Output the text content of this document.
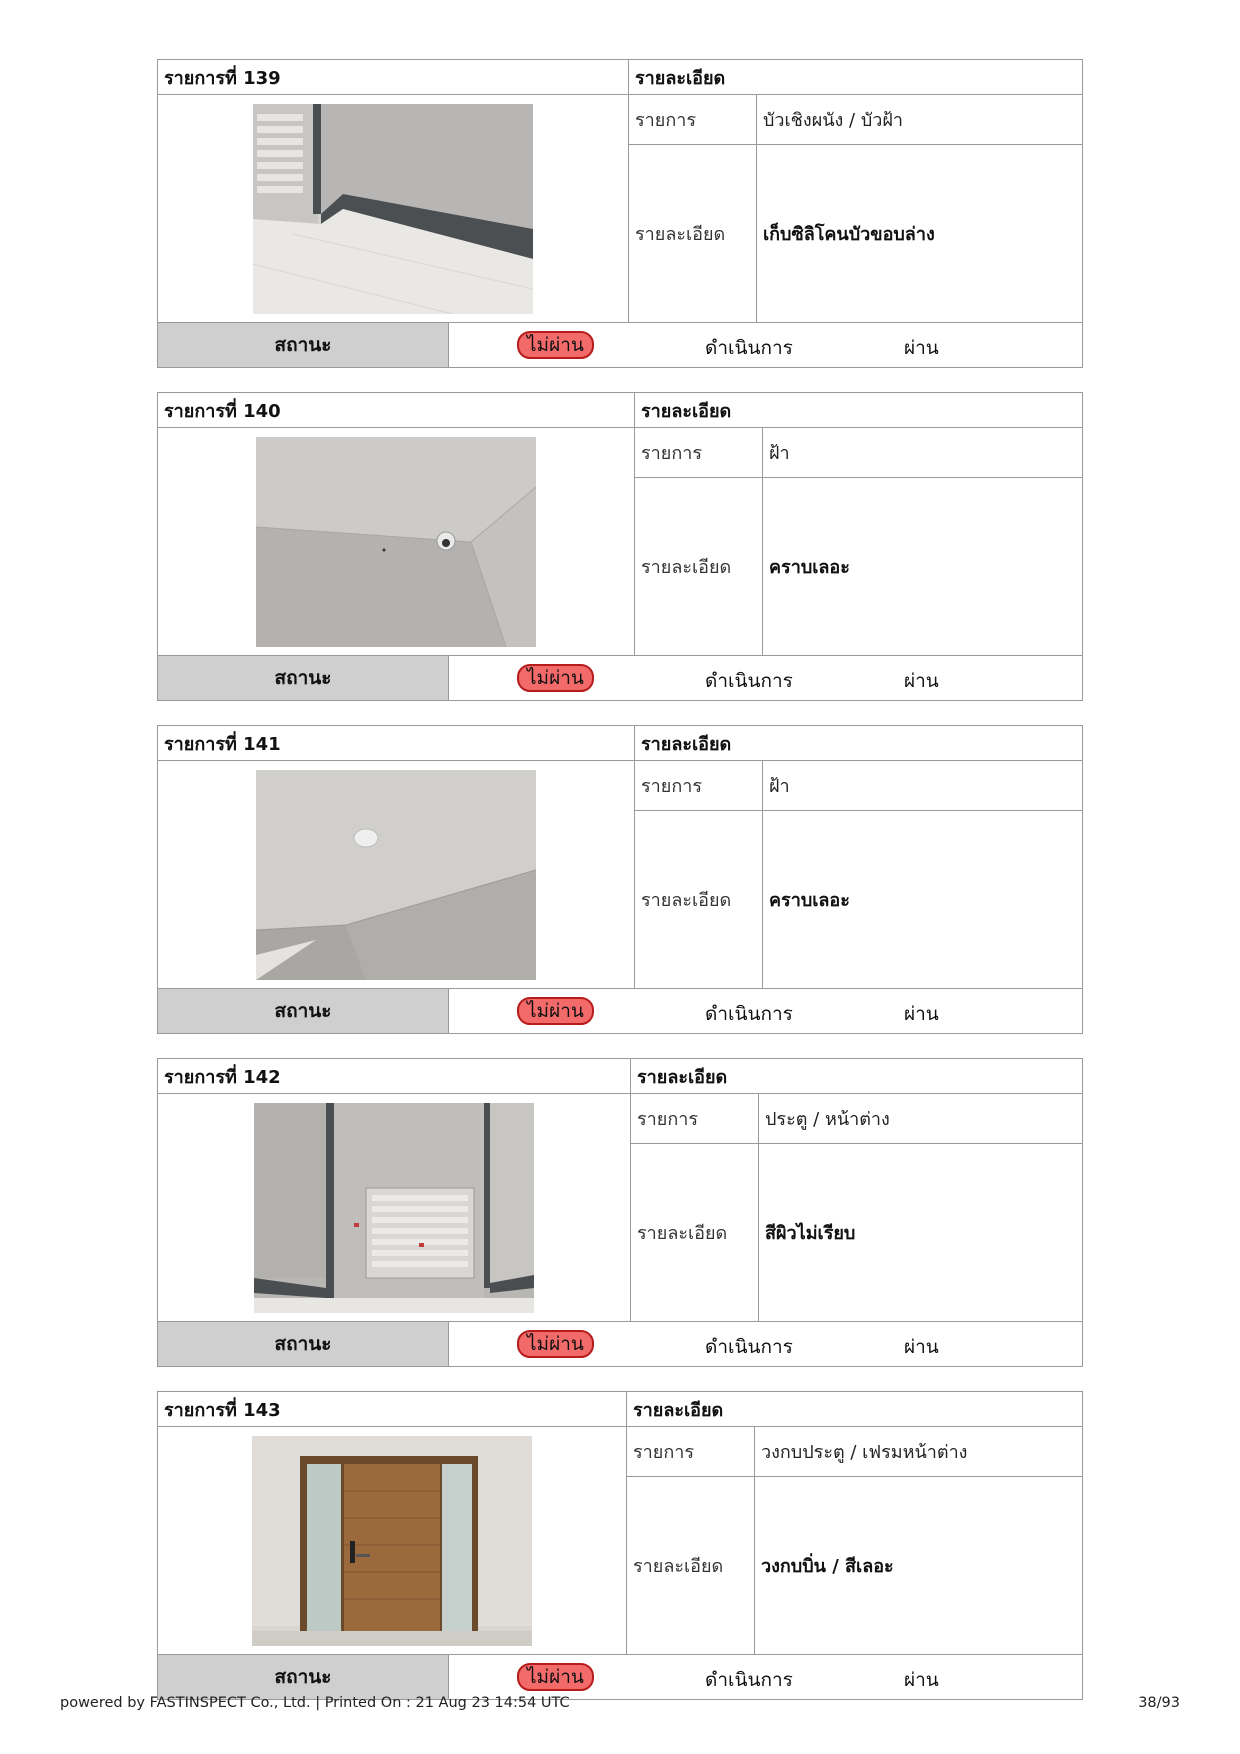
รายการที่ 139	รายละเอียด	

	รายการ	บัวเชิงผนัง / บัวฝ้า
	รายละเอียด	เก็บซิลิโคนบัวขอบล่าง
สถานะ	ไม่ผ่าน	ดำเนินการ	ผ่าน
รายการที่ 140	รายละเอียด	

	รายการ	ฝ้า
	รายละเอียด	คราบเลอะ
สถานะ	ไม่ผ่าน	ดำเนินการ	ผ่าน
รายการที่ 141	รายละเอียด	

	รายการ	ฝ้า
	รายละเอียด	คราบเลอะ
สถานะ	ไม่ผ่าน	ดำเนินการ	ผ่าน
รายการที่ 142	รายละเอียด	

	รายการ	ประตู / หน้าต่าง
	รายละเอียด	สีผิวไม่เรียบ
สถานะ	ไม่ผ่าน	ดำเนินการ	ผ่าน
รายการที่ 143	รายละเอียด	

	รายการ	วงกบประตู / เฟรมหน้าต่าง
	รายละเอียด	วงกบบิ่น / สีเลอะ
สถานะ	ไม่ผ่าน	ดำเนินการ	ผ่าน
powered by FASTINSPECT Co., Ltd. | Printed On : 21 Aug 23 14:54 UTC	38/93
